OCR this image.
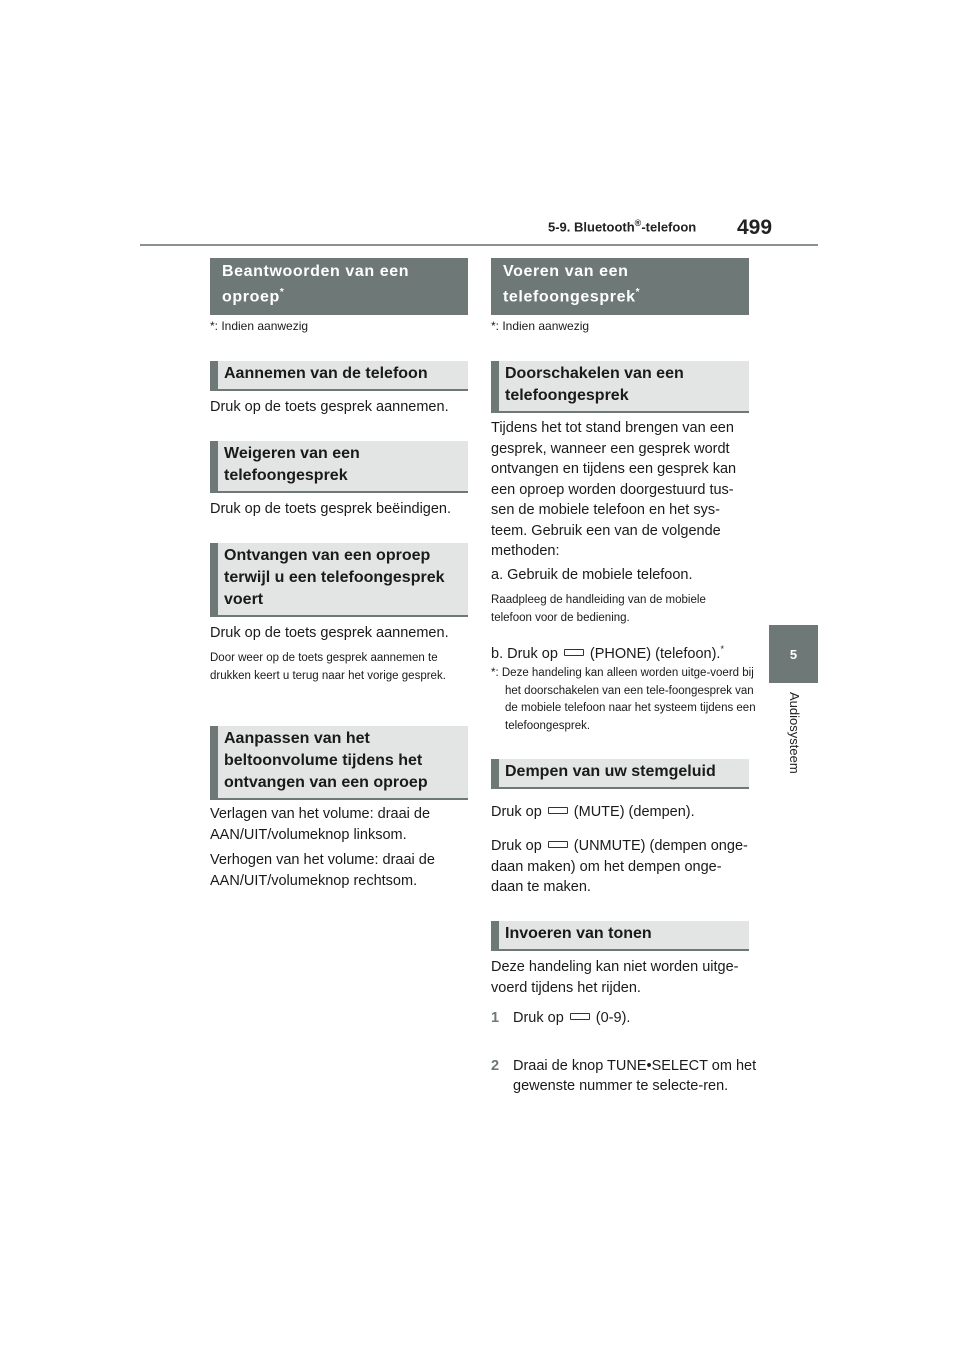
5-9. Bluetooth®-telefoon 499
5
Audiosysteem
Beantwoorden van een oproep*
*: Indien aanwezig
Aannemen van de telefoon
Druk op de toets gesprek aannemen.
Weigeren van een telefoongesprek
Druk op de toets gesprek beëindigen.
Ontvangen van een oproep terwijl u een telefoongesprek voert
Druk op de toets gesprek aannemen.
Door weer op de toets gesprek aannemen te drukken keert u terug naar het vorige gesprek.
Aanpassen van het beltoonvolume tijdens het ontvangen van een oproep
Verlagen van het volume: draai de AAN/UIT/volumeknop linksom.
Verhogen van het volume: draai de AAN/UIT/volumeknop rechtsom.
Voeren van een telefoongesprek*
*: Indien aanwezig
Doorschakelen van een telefoongesprek
Tijdens het tot stand brengen van een gesprek, wanneer een gesprek wordt ontvangen en tijdens een gesprek kan een oproep worden doorgestuurd tus-sen de mobiele telefoon en het sys-teem. Gebruik een van de volgende methoden:
a. Gebruik de mobiele telefoon.
Raadpleeg de handleiding van de mobiele telefoon voor de bediening.
b. Druk op (PHONE) (telefoon).*
*: Deze handeling kan alleen worden uitge-voerd bij het doorschakelen van een tele-foongesprek van de mobiele telefoon naar het systeem tijdens een telefoongesprek.
Dempen van uw stemgeluid
Druk op (MUTE) (dempen).
Druk op (UNMUTE) (dempen onge-daan maken) om het dempen onge-daan te maken.
Invoeren van tonen
Deze handeling kan niet worden uitge-voerd tijdens het rijden.
1 Druk op (0-9).
2 Draai de knop TUNE•SELECT om het gewenste nummer te selecte-ren.
